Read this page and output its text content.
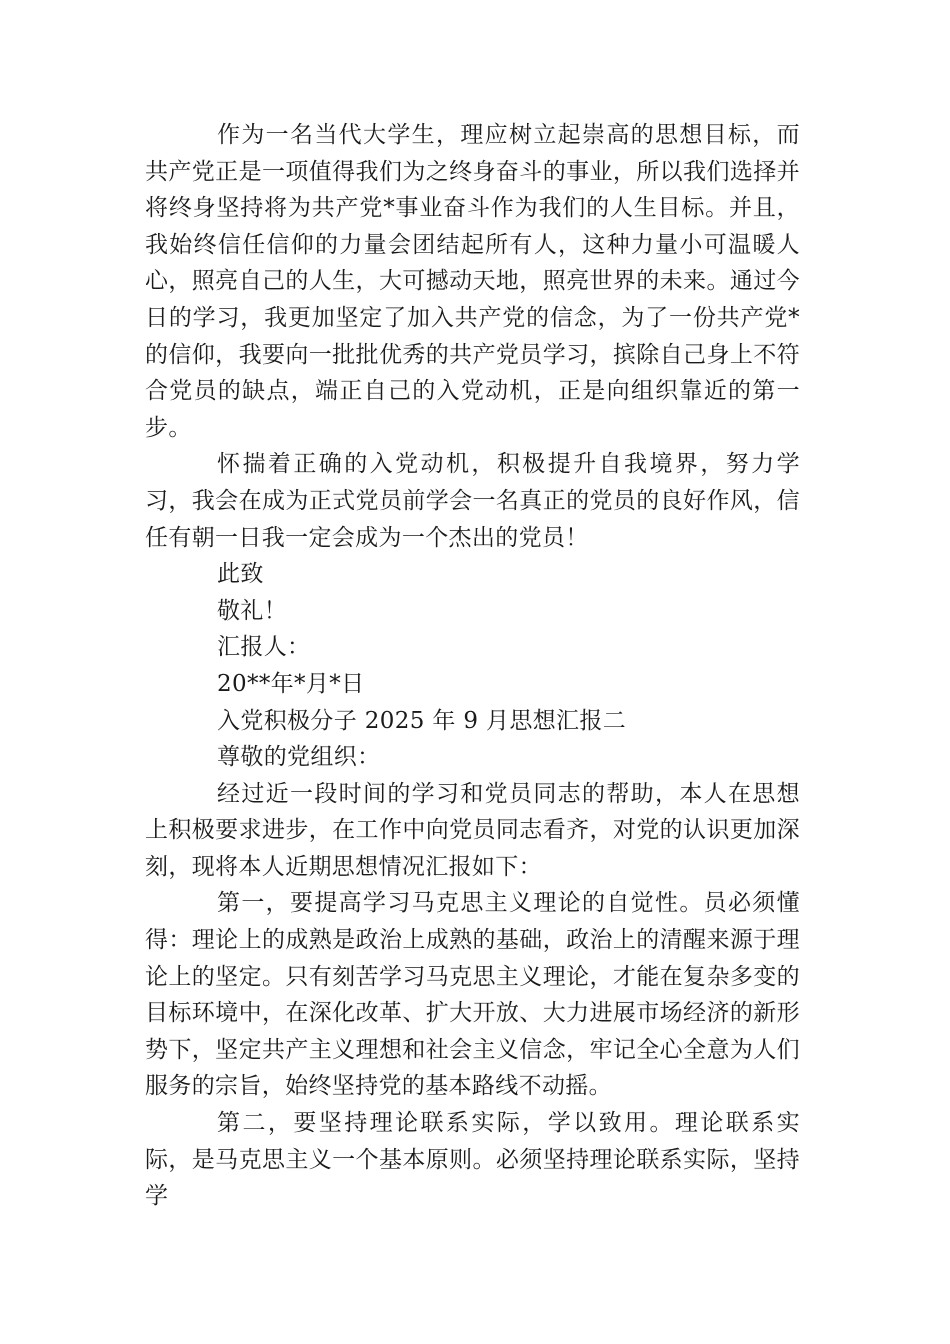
作为一名当代大学生，理应树立起崇高的思想目标，而共产党正是一项值得我们为之终身奋斗的事业，所以我们选择并将终身坚持将为共产党*事业奋斗作为我们的人生目标。并且，我始终信任信仰的力量会团结起所有人，这种力量小可温暖人心，照亮自己的人生，大可撼动天地，照亮世界的未来。通过今日的学习，我更加坚定了加入共产党的信念，为了一份共产党*的信仰，我要向一批批优秀的共产党员学习，摈除自己身上不符合党员的缺点，端正自己的入党动机，正是向组织靠近的第一步。

怀揣着正确的入党动机，积极提升自我境界，努力学习，我会在成为正式党员前学会一名真正的党员的良好作风，信任有朝一日我一定会成为一个杰出的党员！

此致

敬礼！

汇报人：

20**年*月*日

入党积极分子 2025 年 9 月思想汇报二

尊敬的党组织：

经过近一段时间的学习和党员同志的帮助，本人在思想上积极要求进步，在工作中向党员同志看齐，对党的认识更加深刻，现将本人近期思想情况汇报如下：

第一，要提高学习马克思主义理论的自觉性。员必须懂得：理论上的成熟是政治上成熟的基础，政治上的清醒来源于理论上的坚定。只有刻苦学习马克思主义理论，才能在复杂多变的目标环境中，在深化改革、扩大开放、大力进展市场经济的新形势下，坚定共产主义理想和社会主义信念，牢记全心全意为人们服务的宗旨，始终坚持党的基本路线不动摇。

第二，要坚持理论联系实际，学以致用。理论联系实际，是马克思主义一个基本原则。必须坚持理论联系实际，坚持学
